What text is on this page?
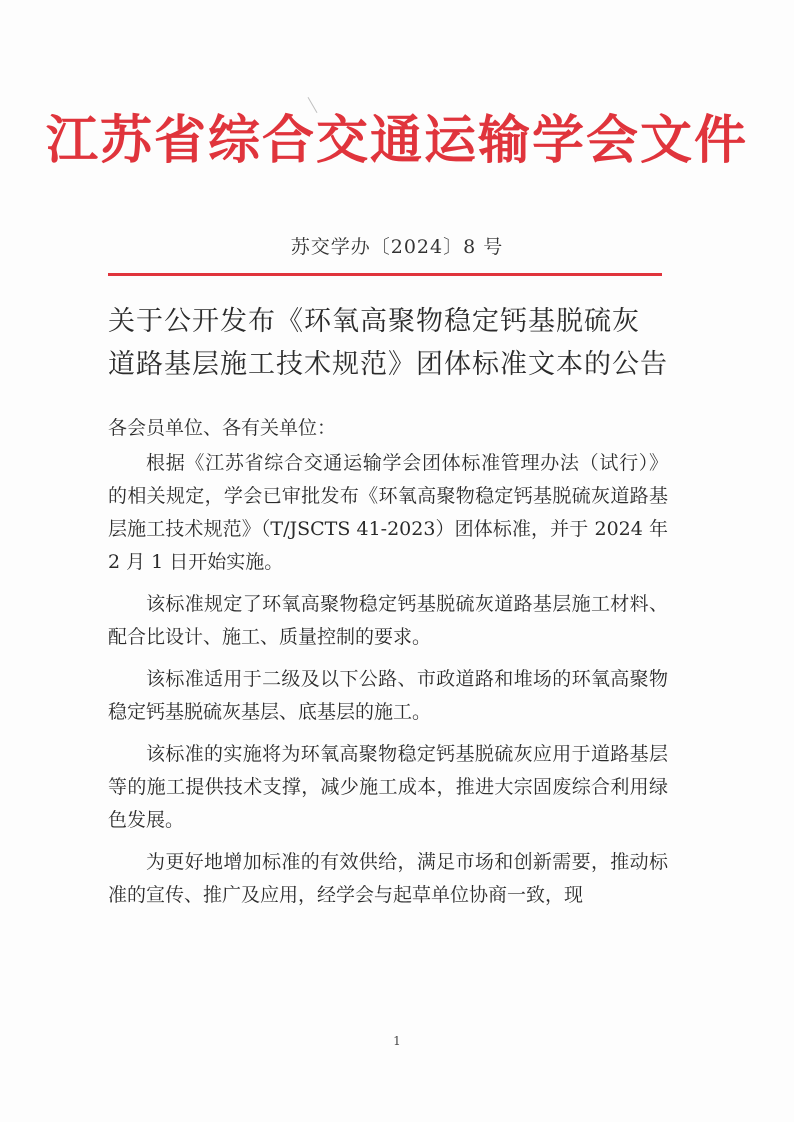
江苏省综合交通运输学会文件
苏交学办〔2024〕8 号
关于公开发布《环氧高聚物稳定钙基脱硫灰
道路基层施工技术规范》团体标准文本的公告

各会员单位、各有关单位：

根据《江苏省综合交通运输学会团体标准管理办法（试行）》的相关规定，学会已审批发布《环氧高聚物稳定钙基脱硫灰道路基层施工技术规范》（T/JSCTS 41-2023）团体标准，并于 2024 年 2 月 1 日开始实施。

该标准规定了环氧高聚物稳定钙基脱硫灰道路基层施工材料、配合比设计、施工、质量控制的要求。

该标准适用于二级及以下公路、市政道路和堆场的环氧高聚物稳定钙基脱硫灰基层、底基层的施工。

该标准的实施将为环氧高聚物稳定钙基脱硫灰应用于道路基层等的施工提供技术支撑，减少施工成本，推进大宗固废综合利用绿色发展。

为更好地增加标准的有效供给，满足市场和创新需要，推动标准的宣传、推广及应用，经学会与起草单位协商一致，现

1
